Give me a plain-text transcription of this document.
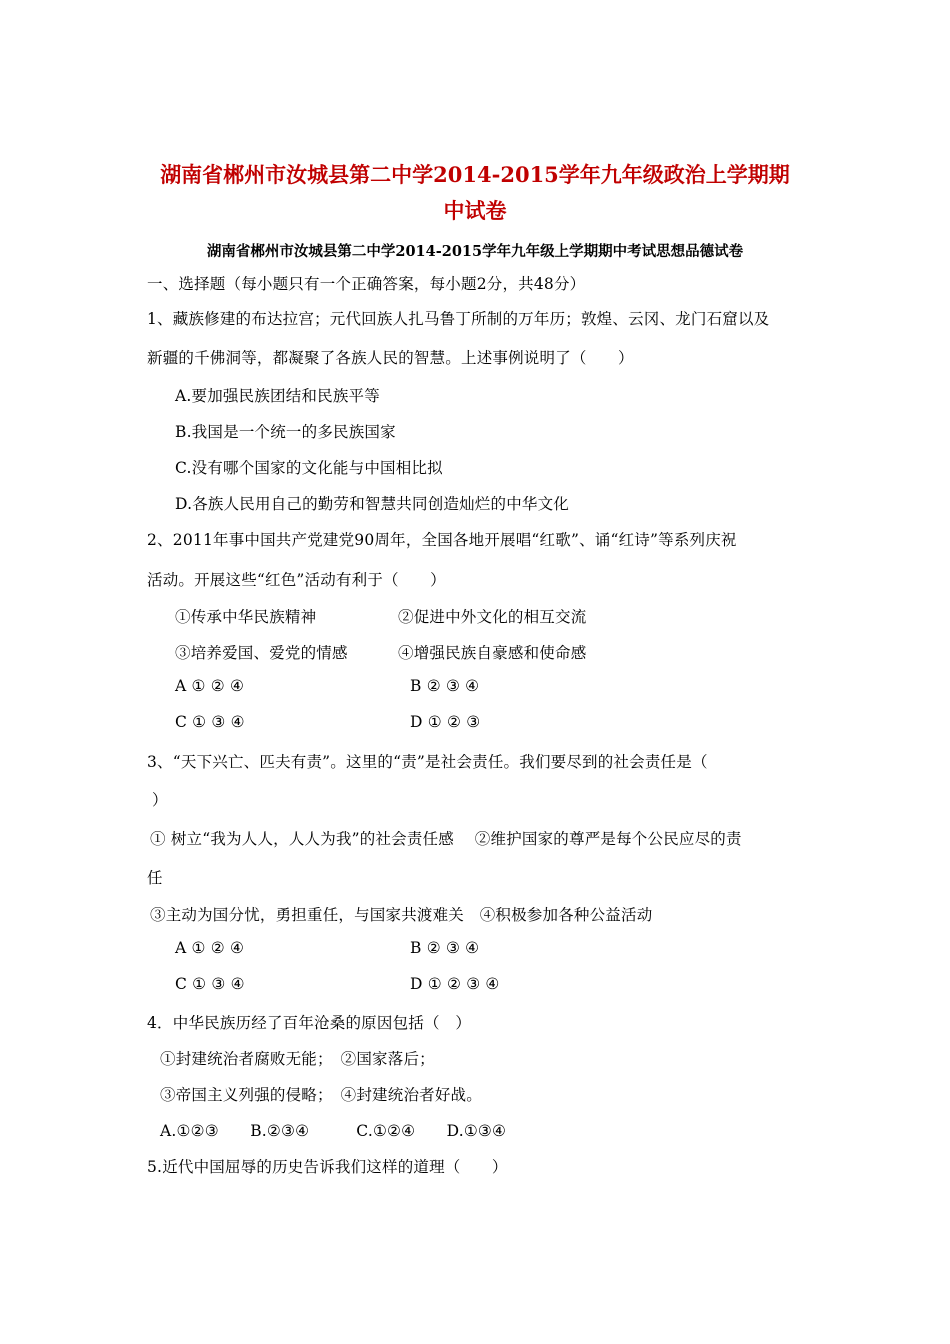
湖南省郴州市汝城县第二中学2014-2015学年九年级政治上学期期
中试卷
湖南省郴州市汝城县第二中学2014-2015学年九年级上学期期中考试思想品德试卷
一、选择题（每小题只有一个正确答案，每小题2分，共48分）
1、藏族修建的布达拉宫；元代回族人扎马鲁丁所制的万年历；敦煌、云冈、龙门石窟以及
新疆的千佛洞等，都凝聚了各族人民的智慧。上述事例说明了（　　）
A.要加强民族团结和民族平等
B.我国是一个统一的多民族国家
C.没有哪个国家的文化能与中国相比拟
D.各族人民用自己的勤劳和智慧共同创造灿烂的中华文化
2、2011年事中国共产党建党90周年，全国各地开展唱“红歌”、诵“红诗”等系列庆祝
活动。开展这些“红色”活动有利于（　　）
①传承中华民族精神	②促进中外文化的相互交流
③培养爱国、爱党的情感	④增强民族自豪感和使命感
A ① ② ④	B ② ③ ④
C ① ③ ④	D ① ② ③
3、“天下兴亡、匹夫有责”。这里的“责”是社会责任。我们要尽到的社会责任是（
）
① 树立“我为人人，人人为我”的社会责任感　 ②维护国家的尊严是每个公民应尽的责
任
③主动为国分忧，勇担重任，与国家共渡难关　④积极参加各种公益活动
A ① ② ④	B ② ③ ④
C ① ③ ④	D ① ② ③ ④
4．中华民族历经了百年沧桑的原因包括（　）
①封建统治者腐败无能；　②国家落后；
③帝国主义列强的侵略；　④封建统治者好战。
A.①②③　　B.②③④　　　C.①②④　　D.①③④
5.近代中国屈辱的历史告诉我们这样的道理（　　）
